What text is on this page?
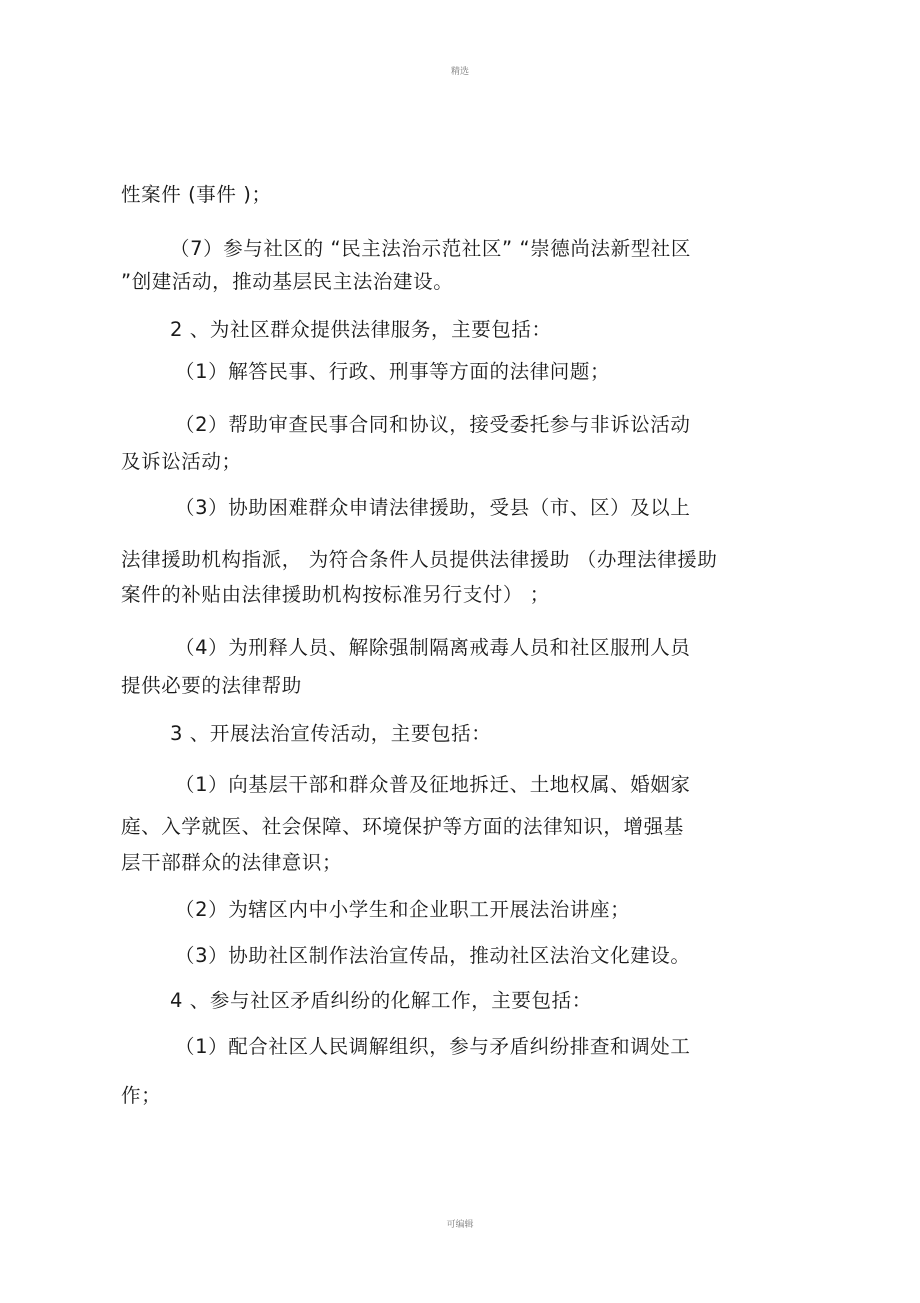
精选
性案件 (事件 )；
（7）参与社区的 “民主法治示范社区” “崇德尚法新型社区
”创建活动，推动基层民主法治建设。
2 、为社区群众提供法律服务，主要包括：
（1）解答民事、行政、刑事等方面的法律问题；
（2）帮助审查民事合同和协议，接受委托参与非诉讼活动
及诉讼活动；
（3）协助困难群众申请法律援助，受县（市、区）及以上
法律援助机构指派， 为符合条件人员提供法律援助 （办理法律援助
案件的补贴由法律援助机构按标准另行支付） ；
（4）为刑释人员、解除强制隔离戒毒人员和社区服刑人员
提供必要的法律帮助
3 、开展法治宣传活动，主要包括：
（1）向基层干部和群众普及征地拆迁、土地权属、婚姻家
庭、入学就医、社会保障、环境保护等方面的法律知识，增强基
层干部群众的法律意识；
（2）为辖区内中小学生和企业职工开展法治讲座；
（3）协助社区制作法治宣传品，推动社区法治文化建设。
4 、参与社区矛盾纠纷的化解工作，主要包括：
（1）配合社区人民调解组织，参与矛盾纠纷排查和调处工
作；
可编辑
